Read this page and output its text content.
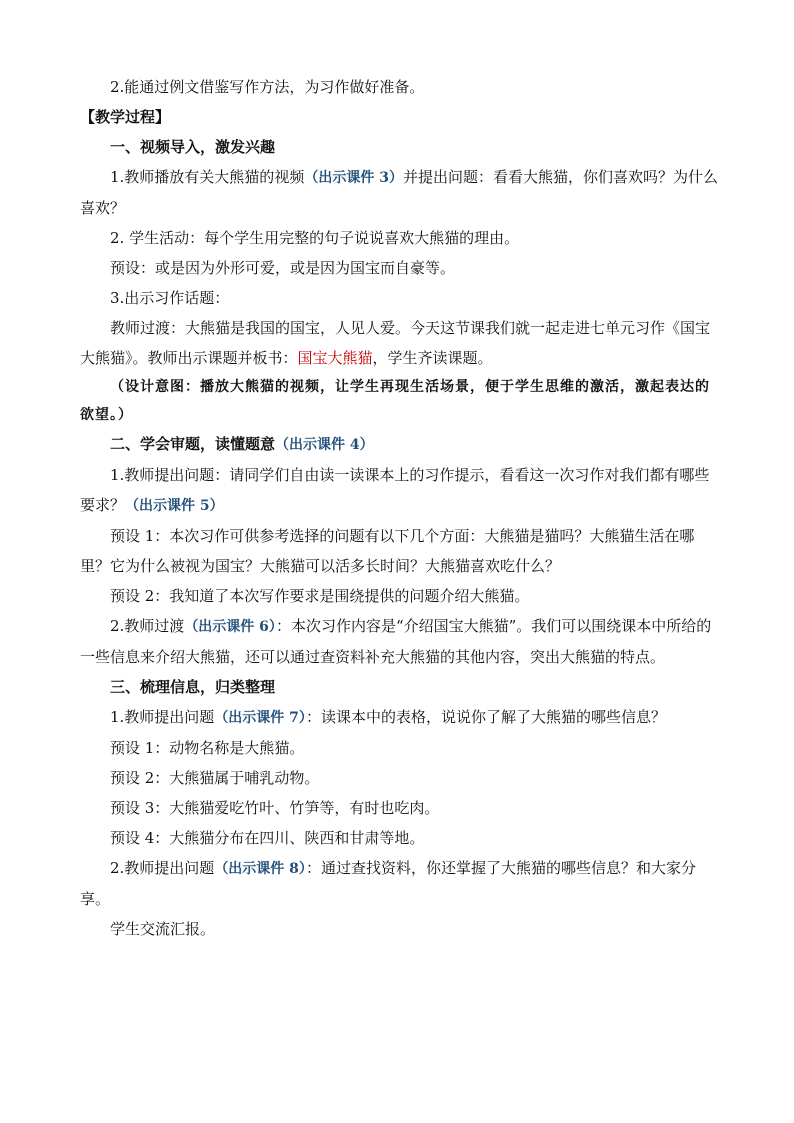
2.能通过例文借鉴写作方法，为习作做好准备。

【教学过程】

一、视频导入，激发兴趣

1.教师播放有关大熊猫的视频（出示课件 3）并提出问题：看看大熊猫，你们喜欢吗？为什么喜欢？

2. 学生活动：每个学生用完整的句子说说喜欢大熊猫的理由。

预设：或是因为外形可爱，或是因为国宝而自豪等。

3.出示习作话题：

教师过渡：大熊猫是我国的国宝，人见人爱。今天这节课我们就一起走进七单元习作《国宝大熊猫》。教师出示课题并板书：国宝大熊猫，学生齐读课题。

（设计意图：播放大熊猫的视频，让学生再现生活场景，便于学生思维的激活，激起表达的欲望。）

二、学会审题，读懂题意（出示课件 4）

1.教师提出问题：请同学们自由读一读课本上的习作提示，看看这一次习作对我们都有哪些要求？（出示课件 5）

预设 1：本次习作可供参考选择的问题有以下几个方面：大熊猫是猫吗？大熊猫生活在哪里？它为什么被视为国宝？大熊猫可以活多长时间？大熊猫喜欢吃什么？

预设 2：我知道了本次写作要求是围绕提供的问题介绍大熊猫。

2.教师过渡（出示课件 6）：本次习作内容是“介绍国宝大熊猫”。我们可以围绕课本中所给的一些信息来介绍大熊猫，还可以通过查资料补充大熊猫的其他内容，突出大熊猫的特点。

三、梳理信息，归类整理

1.教师提出问题（出示课件 7）：读课本中的表格，说说你了解了大熊猫的哪些信息？

预设 1：动物名称是大熊猫。

预设 2：大熊猫属于哺乳动物。

预设 3：大熊猫爱吃竹叶、竹笋等，有时也吃肉。

预设 4：大熊猫分布在四川、陕西和甘肃等地。

2.教师提出问题（出示课件 8）：通过查找资料，你还掌握了大熊猫的哪些信息？和大家分享。

学生交流汇报。
